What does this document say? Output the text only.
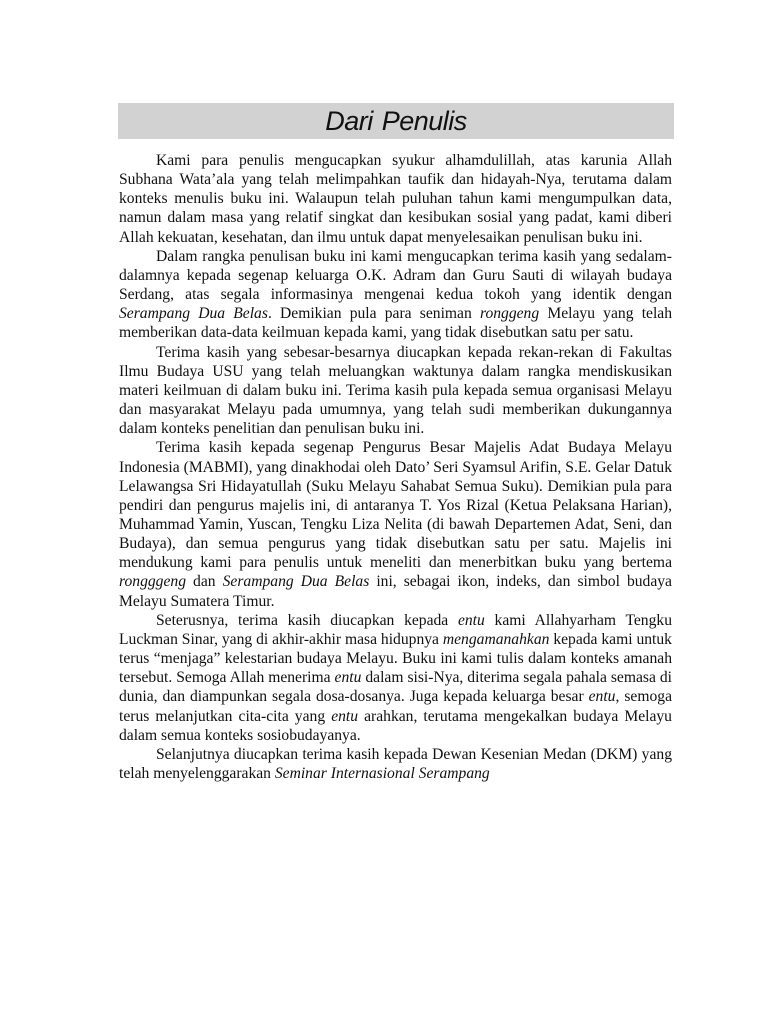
Dari Penulis

Kami para penulis mengucapkan syukur alhamdulillah, atas karunia Allah Subhana Wata’ala yang telah melimpahkan taufik dan hidayah-Nya, terutama dalam konteks menulis buku ini. Walaupun telah puluhan tahun kami mengumpulkan data, namun dalam masa yang relatif singkat dan kesibukan sosial yang padat, kami diberi Allah kekuatan, kesehatan, dan ilmu untuk dapat menyelesaikan penulisan buku ini.

Dalam rangka penulisan buku ini kami mengucapkan terima kasih yang sedalam-dalamnya kepada segenap keluarga O.K. Adram dan Guru Sauti di wilayah budaya Serdang, atas segala informasinya mengenai kedua tokoh yang identik dengan Serampang Dua Belas. Demikian pula para seniman ronggeng Melayu yang telah memberikan data-data keilmuan kepada kami, yang tidak disebutkan satu per satu.

Terima kasih yang sebesar-besarnya diucapkan kepada rekan-rekan di Fakultas Ilmu Budaya USU yang telah meluangkan waktunya dalam rangka mendiskusikan materi keilmuan di dalam buku ini. Terima kasih pula kepada semua organisasi Melayu dan masyarakat Melayu pada umumnya, yang telah sudi memberikan dukungannya dalam konteks penelitian dan penulisan buku ini.

Terima kasih kepada segenap Pengurus Besar Majelis Adat Budaya Melayu Indonesia (MABMI), yang dinakhodai oleh Dato’ Seri Syamsul Arifin, S.E. Gelar Datuk Lelawangsa Sri Hidayatullah (Suku Melayu Sahabat Semua Suku). Demikian pula para pendiri dan pengurus majelis ini, di antaranya T. Yos Rizal (Ketua Pelaksana Harian), Muhammad Yamin, Yuscan, Tengku Liza Nelita (di bawah Departemen Adat, Seni, dan Budaya), dan semua pengurus yang tidak disebutkan satu per satu. Majelis ini mendukung kami para penulis untuk meneliti dan menerbitkan buku yang bertema rongggeng dan Serampang Dua Belas ini, sebagai ikon, indeks, dan simbol budaya Melayu Sumatera Timur.

Seterusnya, terima kasih diucapkan kepada entu kami Allahyarham Tengku Luckman Sinar, yang di akhir-akhir masa hidupnya mengamanahkan kepada kami untuk terus “menjaga” kelestarian budaya Melayu. Buku ini kami tulis dalam konteks amanah tersebut. Semoga Allah menerima entu dalam sisi-Nya, diterima segala pahala semasa di dunia, dan diampunkan segala dosa-dosanya. Juga kepada keluarga besar entu, semoga terus melanjutkan cita-cita yang entu arahkan, terutama mengekalkan budaya Melayu dalam semua konteks sosiobudayanya.

Selanjutnya diucapkan terima kasih kepada Dewan Kesenian Medan (DKM) yang telah menyelenggarakan Seminar Internasional Serampang
